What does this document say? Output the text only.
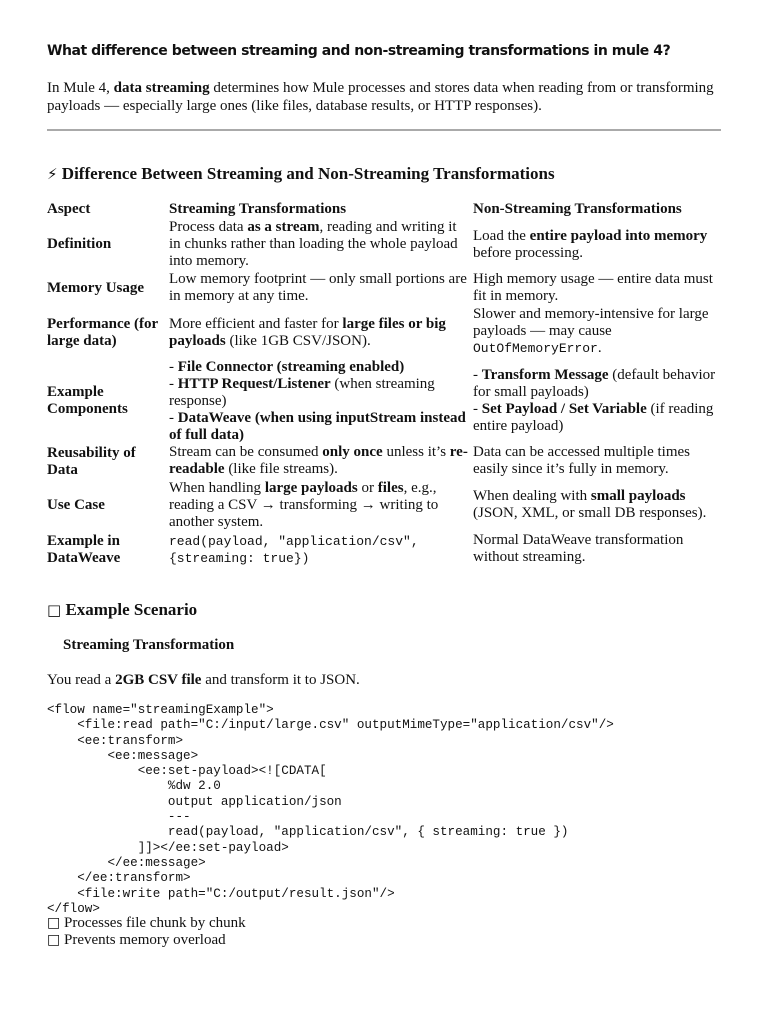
What difference between streaming and non-streaming transformations in mule 4?
In Mule 4, data streaming determines how Mule processes and stores data when reading from or transforming payloads — especially large ones (like files, database results, or HTTP responses).
⚡ Difference Between Streaming and Non-Streaming Transformations
Aspect	Streaming Transformations	Non-Streaming Transformations
Definition
Process data as a stream, reading and writing it in chunks rather than loading the whole payload into memory.
Load the entire payload into memory before processing.
Memory Usage
Low memory footprint — only small portions are in memory at any time.
High memory usage — entire data must fit in memory.
Performance (for large data)
More efficient and faster for large files or big payloads (like 1GB CSV/JSON).
Slower and memory-intensive for large payloads — may cause OutOfMemoryError.
Example Components
- File Connector (streaming enabled)
- HTTP Request/Listener (when streaming response)
- DataWeave (when using inputStream instead of full data)
- Transform Message (default behavior for small payloads)
- Set Payload / Set Variable (if reading entire payload)
Reusability of Data
Stream can be consumed only once unless it’s re-readable (like file streams).
Data can be accessed multiple times easily since it’s fully in memory.
Use Case
When handling large payloads or files, e.g., reading a CSV → transforming → writing to another system.
When dealing with small payloads (JSON, XML, or small DB responses).
Example in DataWeave
read(payload, "application/csv",
{streaming: true})
Normal DataWeave transformation without streaming.
□ Example Scenario
Streaming Transformation
You read a 2GB CSV file and transform it to JSON.
<flow name="streamingExample">
<file:read path="C:/input/large.csv" outputMimeType="application/csv"/>
<ee:transform>
<ee:message>
<ee:set-payload><![CDATA[
%dw 2.0
output application/json
---
read(payload, "application/csv", { streaming: true })
]]></ee:set-payload>
</ee:message>
</ee:transform>
<file:write path="C:/output/result.json"/>
</flow>
□ Processes file chunk by chunk
□ Prevents memory overload
